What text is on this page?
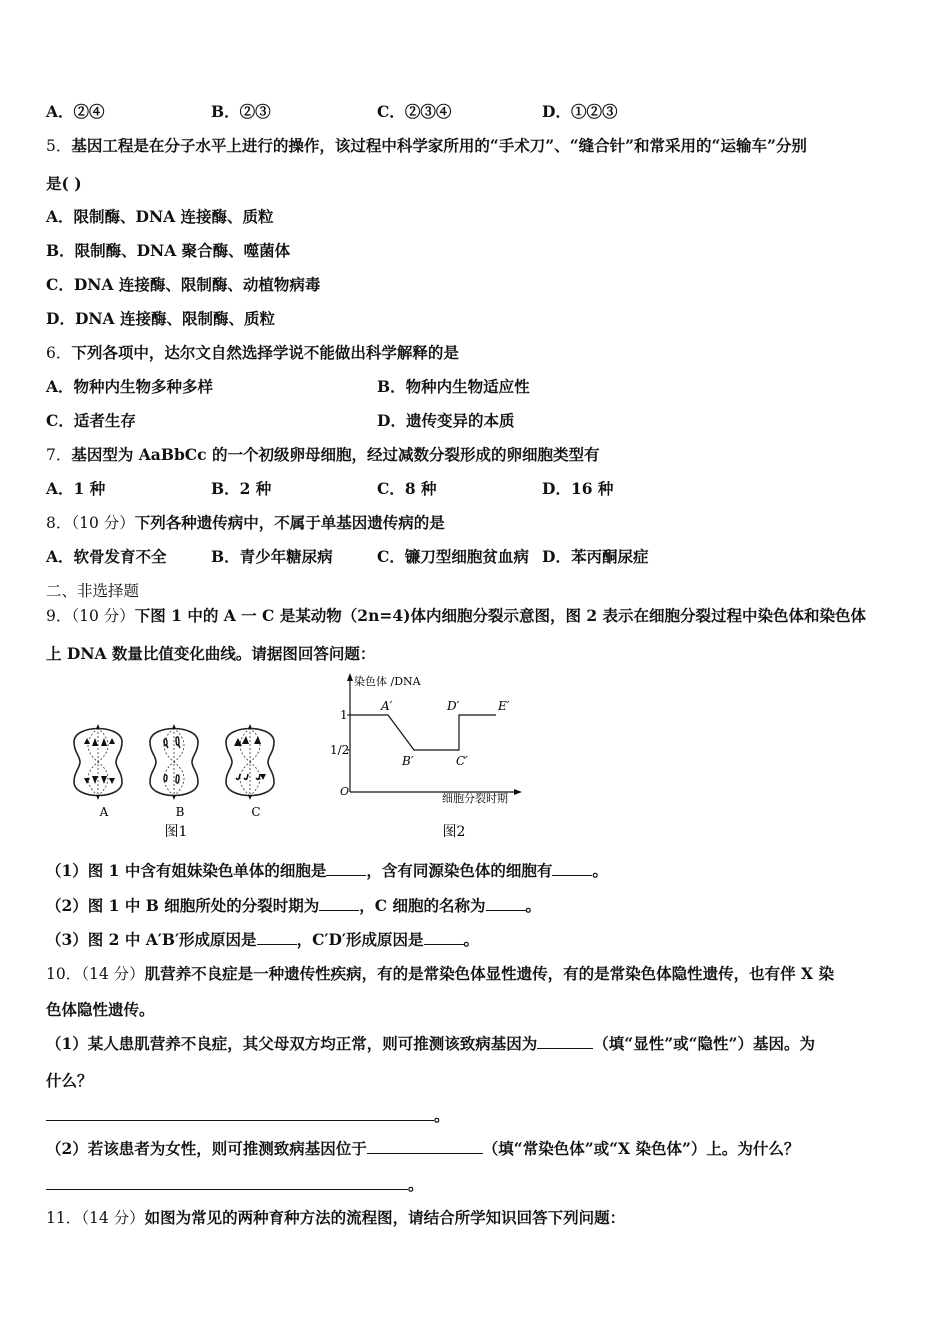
A．②④	B．②③	C．②③④	D．①②③
5．基因工程是在分子水平上进行的操作，该过程中科学家所用的“手术刀”、“缝合针”和常采用的“运输车”分别
是( )
A．限制酶、DNA 连接酶、质粒
B．限制酶、DNA 聚合酶、噬菌体
C．DNA 连接酶、限制酶、动植物病毒
D．DNA 连接酶、限制酶、质粒
6．下列各项中，达尔文自然选择学说不能做出科学解释的是
A．物种内生物多种多样	B．物种内生物适应性
C．适者生存	D．遗传变异的本质
7．基因型为 AaBbCc 的一个初级卵母细胞，经过减数分裂形成的卵细胞类型有
A．1 种	B．2 种	C．8 种	D．16 种
8．（10 分）下列各种遗传病中，不属于单基因遗传病的是
A．软骨发育不全	B．青少年糖尿病	C．镰刀型细胞贫血病 D．苯丙酮尿症
二、非选择题
9．（10 分）下图 1 中的 A 一 C 是某动物（2n=4)体内细胞分裂示意图，图 2 表示在细胞分裂过程中染色体和染色体
上 DNA 数量比值变化曲线。请据图回答问题：
A	B	C
图1
染色体 /DNA
细胞分裂时期
O
1
1/2
A′
B′	C′
D′	E′
图2
（1）图 1 中含有姐妹染色单体的细胞是	，含有同源染色体的细胞有	。
（2）图 1 中 B 细胞所处的分裂时期为	，C 细胞的名称为	。
（3）图 2 中 A′B′形成原因是	，C′D′形成原因是	。
10．（14 分）肌营养不良症是一种遗传性疾病，有的是常染色体显性遗传，有的是常染色体隐性遗传，也有伴 X 染
色体隐性遗传。
（1）某人患肌营养不良症，其父母双方均正常，则可推测该致病基因为	（填“显性”或“隐性”）基因。为
什么？
。
（2）若该患者为女性，则可推测致病基因位于	（填“常染色体”或“X 染色体”）上。为什么？
。
11．（14 分）如图为常见的两种育种方法的流程图，请结合所学知识回答下列问题：
